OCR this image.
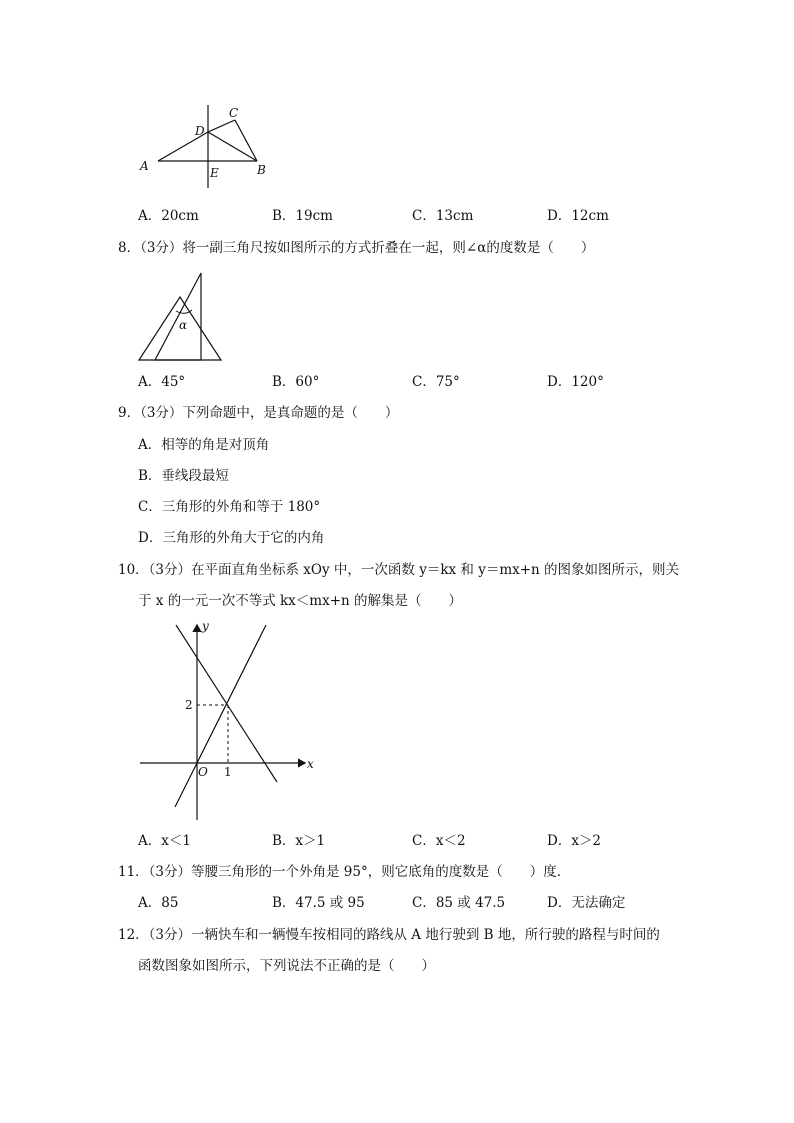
C
D
A	E	B
A．20cm	B．19cm	C．13cm	D．12cm
8．（3分）将一副三角尺按如图所示的方式折叠在一起，则∠α的度数是（　　）
α
A．45°	B．60°	C．75°	D．120°
9．（3分）下列命题中，是真命题的是（　　）
A．相等的角是对顶角
B．垂线段最短
C．三角形的外角和等于 180°
D．三角形的外角大于它的内角
10．（3分）在平面直角坐标系 xOy 中，一次函数 y＝kx 和 y＝mx+n 的图象如图所示，则关
于 x 的一元一次不等式 kx＜mx+n 的解集是（　　）
y
x
O
2
1
A．x＜1	B．x＞1	C．x＜2	D．x＞2
11．（3分）等腰三角形的一个外角是 95°，则它底角的度数是（　　）度．
A．85	B．47.5 或 95	C．85 或 47.5	D．无法确定
12．（3分）一辆快车和一辆慢车按相同的路线从 A 地行驶到 B 地，所行驶的路程与时间的
函数图象如图所示，下列说法不正确的是（　　）
